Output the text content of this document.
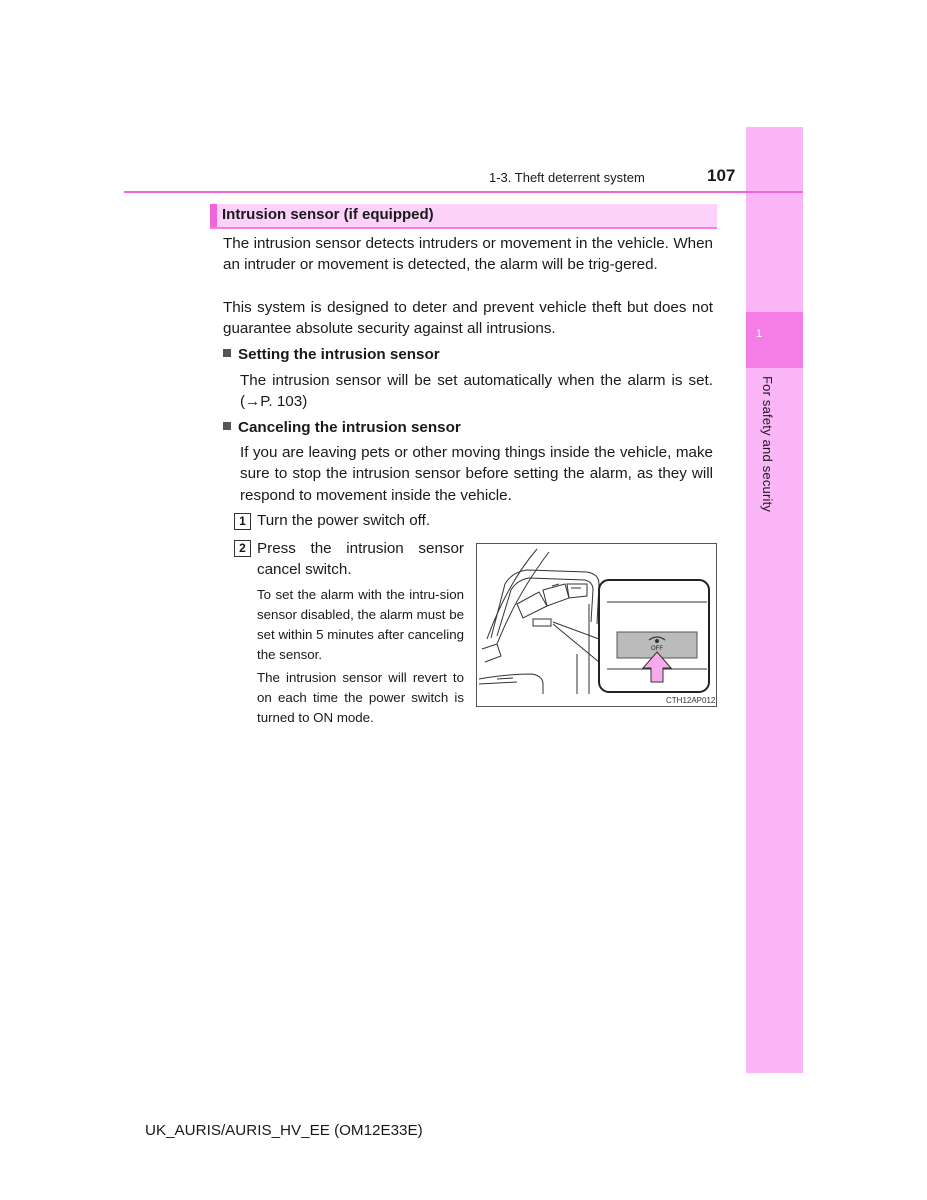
1
For safety and security
1-3. Theft deterrent system	107
Intrusion sensor (if equipped)

The intrusion sensor detects intruders or movement in the vehicle. When an intruder or movement is detected, the alarm will be trig-gered.

This system is designed to deter and prevent vehicle theft but does not guarantee absolute security against all intrusions.

Setting the intrusion sensor

The intrusion sensor will be set automatically when the alarm is set. (→P. 103)

Canceling the intrusion sensor

If you are leaving pets or other moving things inside the vehicle, make sure to stop the intrusion sensor before setting the alarm, as they will respond to movement inside the vehicle.

1 Turn the power switch off.
2 Press the intrusion sensor cancel switch.

To set the alarm with the intru-sion sensor disabled, the alarm must be set within 5 minutes after canceling the sensor.

The intrusion sensor will revert to on each time the power switch is turned to ON mode.

OFF
CTH12AP012
UK_AURIS/AURIS_HV_EE (OM12E33E)
